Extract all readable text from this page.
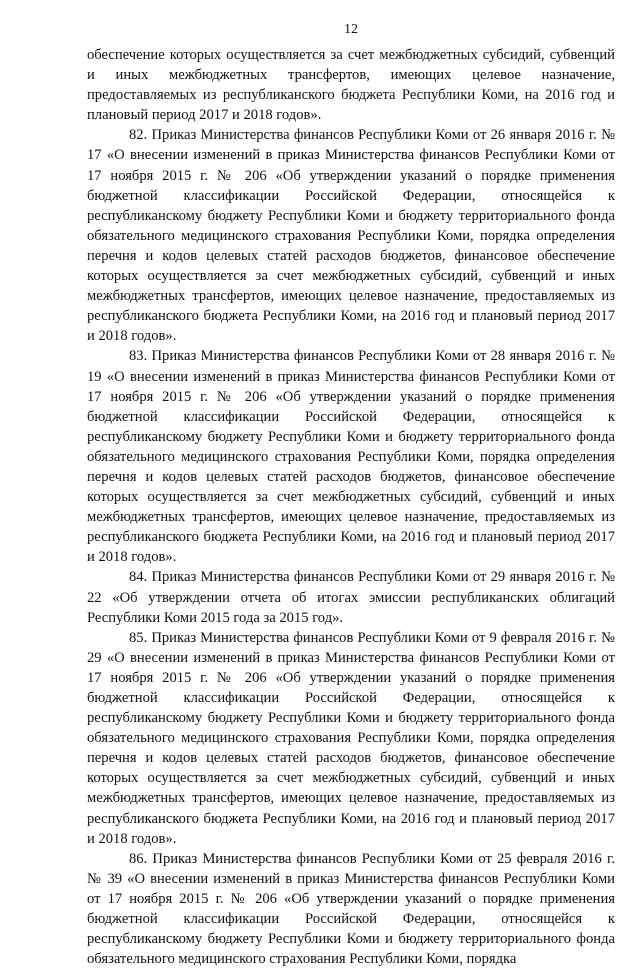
12

обеспечение которых осуществляется за счет межбюджетных субсидий, субвенций и иных межбюджетных трансфертов, имеющих целевое назначение, предоставляемых из республиканского бюджета Республики Коми, на 2016 год и плановый период 2017 и 2018 годов».

82. Приказ Министерства финансов Республики Коми от 26 января 2016 г. № 17 «О внесении изменений в приказ Министерства финансов Республики Коми от 17 ноября 2015 г. № 206 «Об утверждении указаний о порядке применения бюджетной классификации Российской Федерации, относящейся к республиканскому бюджету Республики Коми и бюджету территориального фонда обязательного медицинского страхования Республики Коми, порядка определения перечня и кодов целевых статей расходов бюджетов, финансовое обеспечение которых осуществляется за счет межбюджетных субсидий, субвенций и иных межбюджетных трансфертов, имеющих целевое назначение, предоставляемых из республиканского бюджета Республики Коми, на 2016 год и плановый период 2017 и 2018 годов».

83. Приказ Министерства финансов Республики Коми от 28 января 2016 г. № 19 «О внесении изменений в приказ Министерства финансов Республики Коми от 17 ноября 2015 г. № 206 «Об утверждении указаний о порядке применения бюджетной классификации Российской Федерации, относящейся к республиканскому бюджету Республики Коми и бюджету территориального фонда обязательного медицинского страхования Республики Коми, порядка определения перечня и кодов целевых статей расходов бюджетов, финансовое обеспечение которых осуществляется за счет межбюджетных субсидий, субвенций и иных межбюджетных трансфертов, имеющих целевое назначение, предоставляемых из республиканского бюджета Республики Коми, на 2016 год и плановый период 2017 и 2018 годов».

84. Приказ Министерства финансов Республики Коми от 29 января 2016 г. № 22 «Об утверждении отчета об итогах эмиссии республиканских облигаций Республики Коми 2015 года за 2015 год».

85. Приказ Министерства финансов Республики Коми от 9 февраля 2016 г. № 29 «О внесении изменений в приказ Министерства финансов Республики Коми от 17 ноября 2015 г. № 206 «Об утверждении указаний о порядке применения бюджетной классификации Российской Федерации, относящейся к республиканскому бюджету Республики Коми и бюджету территориального фонда обязательного медицинского страхования Республики Коми, порядка определения перечня и кодов целевых статей расходов бюджетов, финансовое обеспечение которых осуществляется за счет межбюджетных субсидий, субвенций и иных межбюджетных трансфертов, имеющих целевое назначение, предоставляемых из республиканского бюджета Республики Коми, на 2016 год и плановый период 2017 и 2018 годов».

86. Приказ Министерства финансов Республики Коми от 25 февраля 2016 г. № 39 «О внесении изменений в приказ Министерства финансов Республики Коми от 17 ноября 2015 г. № 206 «Об утверждении указаний о порядке применения бюджетной классификации Российской Федерации, относящейся к республиканскому бюджету Республики Коми и бюджету территориального фонда обязательного медицинского страхования Республики Коми, порядка
